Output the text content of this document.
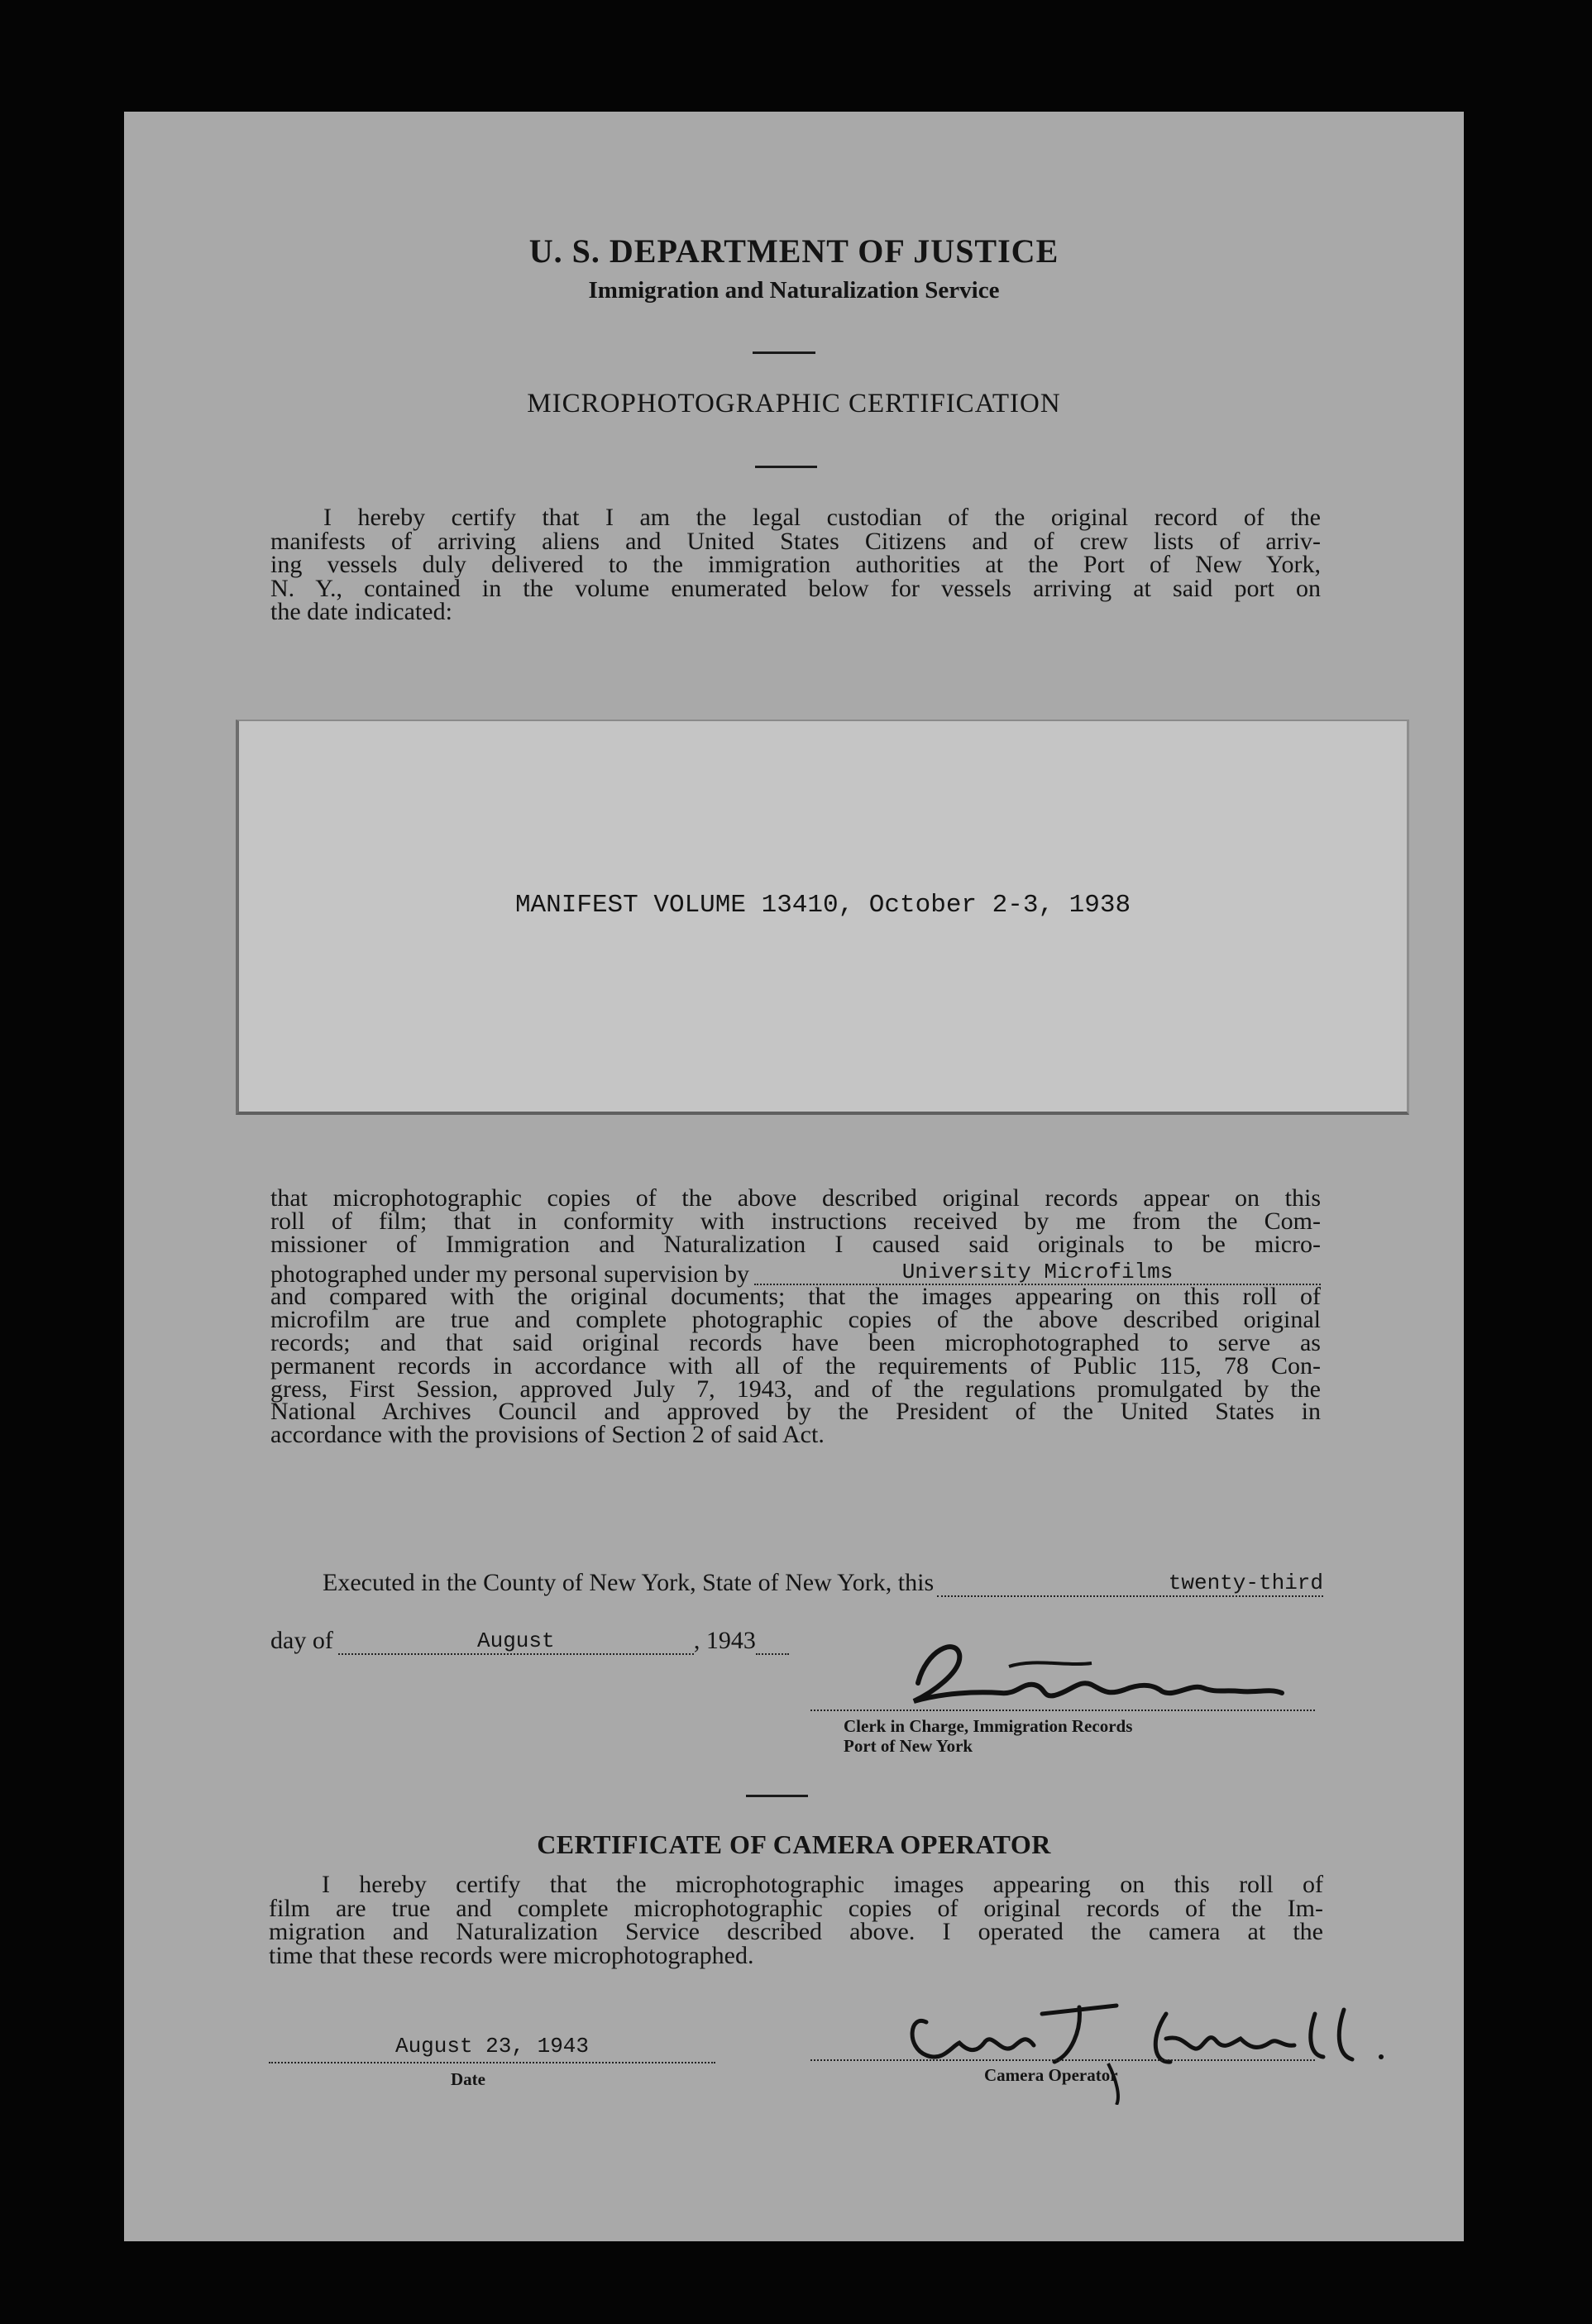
U. S. DEPARTMENT OF JUSTICE
Immigration and Naturalization Service
MICROPHOTOGRAPHIC CERTIFICATION
I hereby certify that I am the legal custodian of the original record of the
manifests of arriving aliens and United States Citizens and of crew lists of arriv-
ing vessels duly delivered to the immigration authorities at the Port of New York,
N. Y., contained in the volume enumerated below for vessels arriving at said port on
the date indicated:
MANIFEST VOLUME 13410, October 2-3, 1938
that microphotographic copies of the above described original records appear on this
roll of film; that in conformity with instructions received by me from the Com-
missioner of Immigration and Naturalization I caused said originals to be micro-
photographed under my personal supervision by	University Microfilms
and compared with the original documents; that the images appearing on this roll of
microfilm are true and complete photographic copies of the above described original
records; and that said original records have been microphotographed to serve as
permanent records in accordance with all of the requirements of Public 115, 78 Con-
gress, First Session, approved July 7, 1943, and of the regulations promulgated by the
National Archives Council and approved by the President of the United States in
accordance with the provisions of Section 2 of said Act.
Executed in the County of New York, State of New York, this	twenty-third
day of	August	, 1943
Clerk in Charge, Immigration Records
Port of New York
CERTIFICATE OF CAMERA OPERATOR
I hereby certify that the microphotographic images appearing on this roll of
film are true and complete microphotographic copies of original records of the Im-
migration and Naturalization Service described above. I operated the camera at the
time that these records were microphotographed.
August 23, 1943
Date	Camera Operator
